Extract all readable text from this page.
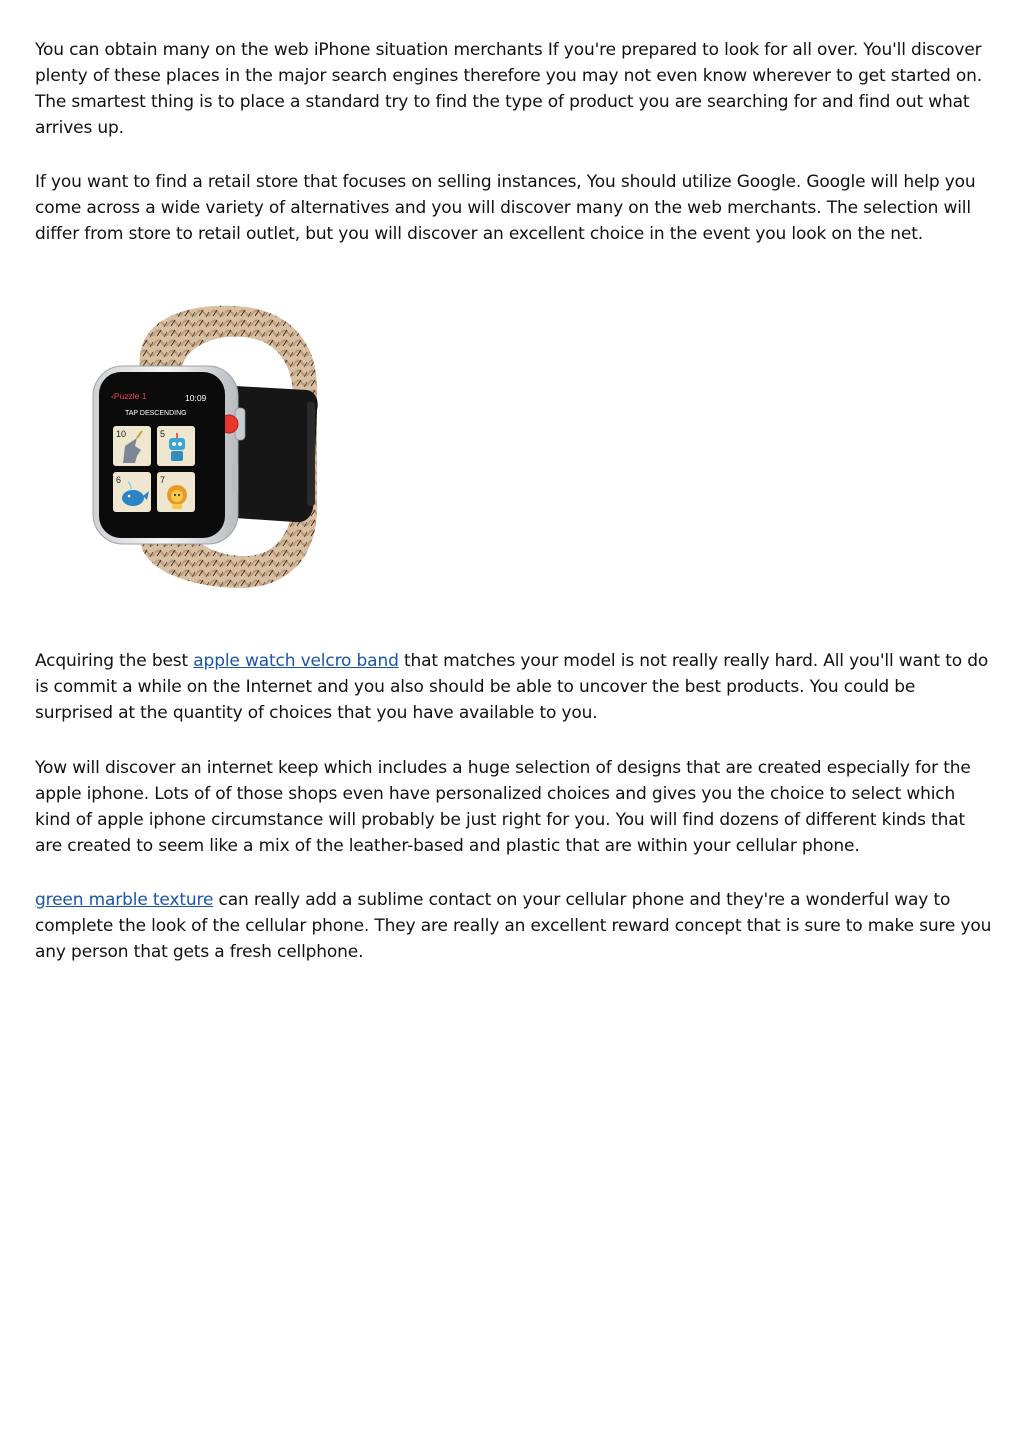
You can obtain many on the web iPhone situation merchants If you're prepared to look for all over. You'll discover plenty of these places in the major search engines therefore you may not even know wherever to get started on. The smartest thing is to place a standard try to find the type of product you are searching for and find out what arrives up.

If you want to find a retail store that focuses on selling instances, You should utilize Google. Google will help you come across a wide variety of alternatives and you will discover many on the web merchants. The selection will differ from store to retail outlet, but you will discover an excellent choice in the event you look on the net.

‹Puzzle 1	10:09
TAP DESCENDING
10	5
6	7

Acquiring the best apple watch velcro band that matches your model is not really really hard. All you'll want to do is commit a while on the Internet and you also should be able to uncover the best products. You could be surprised at the quantity of choices that you have available to you.

Yow will discover an internet keep which includes a huge selection of designs that are created especially for the apple iphone. Lots of of those shops even have personalized choices and gives you the choice to select which kind of apple iphone circumstance will probably be just right for you. You will find dozens of different kinds that are created to seem like a mix of the leather-based and plastic that are within your cellular phone.

green marble texture can really add a sublime contact on your cellular phone and they're a wonderful way to complete the look of the cellular phone. They are really an excellent reward concept that is sure to make sure you any person that gets a fresh cellphone.
